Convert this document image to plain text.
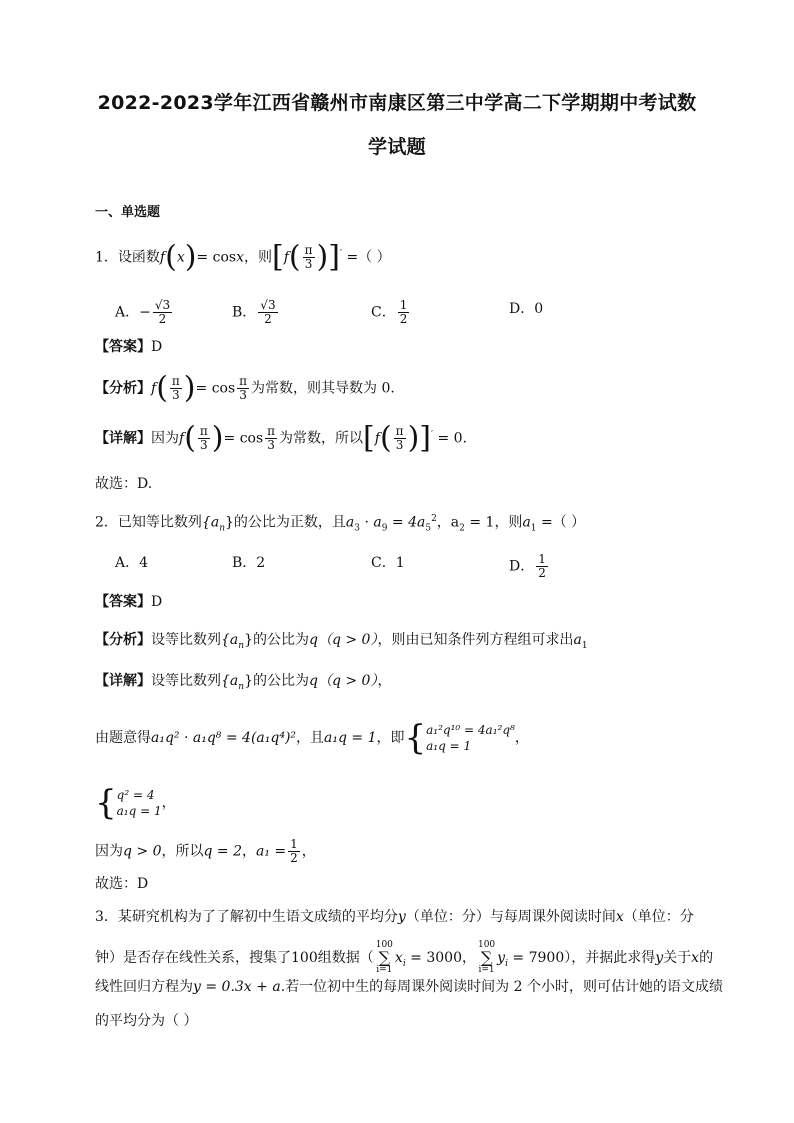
2022-2023学年江西省赣州市南康区第三中学高二下学期期中考试数
学试题
一、单选题
1．设函数f(x)= cosx，则$[f( \frac{\pi}{3} )]'$ =（ ）
A．− $\frac{√3}{2}$	B． $\frac{√3}{2}$	C． $\frac{1}{2}$	D．0
【答案】D
【分析】$f( \frac{\pi}{3}$ )= $\cos \frac{\pi}{3}$ 为常数，则其导数为 0.
【详解】因为$f( \frac{\pi}{3}$ )= $\cos \frac{\pi}{3}$ 为常数，所以$[f( \frac{\pi}{3} )]' = 0$.
故选：D.
2．已知等比数列$\{a_n\}$的公比为正数，且$a_3 \cdot a_9 = 4a_5^2$，$a_2 = 1$，则$a_1$ =（ ）
A．4	B．2	C．1	D． $\frac{1}{2}$
【答案】D
【分析】设等比数列$\{a_n\}$的公比为q（q > 0），则由已知条件列方程组可求出$a_1$
【详解】设等比数列$\{a_n\}$的公比为q（q > 0），
由题意得a₁q² · a₁q⁸ = 4(a₁q⁴)²，且a₁q = 1，即{ a₁²q¹⁰ = 4a₁²q⁸
a₁q = 1	，
{ q² = 4
a₁q = 1 ，
因为q > 0，所以q = 2，$a_1 = \frac{1}{2}$ ，
故选：D
3．某研究机构为了了解初中生语文成绩的平均分y（单位：分）与每周课外阅读时间x（单位：分
钟）是否存在线性关系，搜集了100组数据（100
∑
$i=1x_i = 3000$，100
∑
$i=1y_i = 7900$），并据此求得y关于x的
线性回归方程为y = 0.3x + a.若一位初中生的每周课外阅读时间为 2 个小时，则可估计她的语文成绩
的平均分为（ ）
